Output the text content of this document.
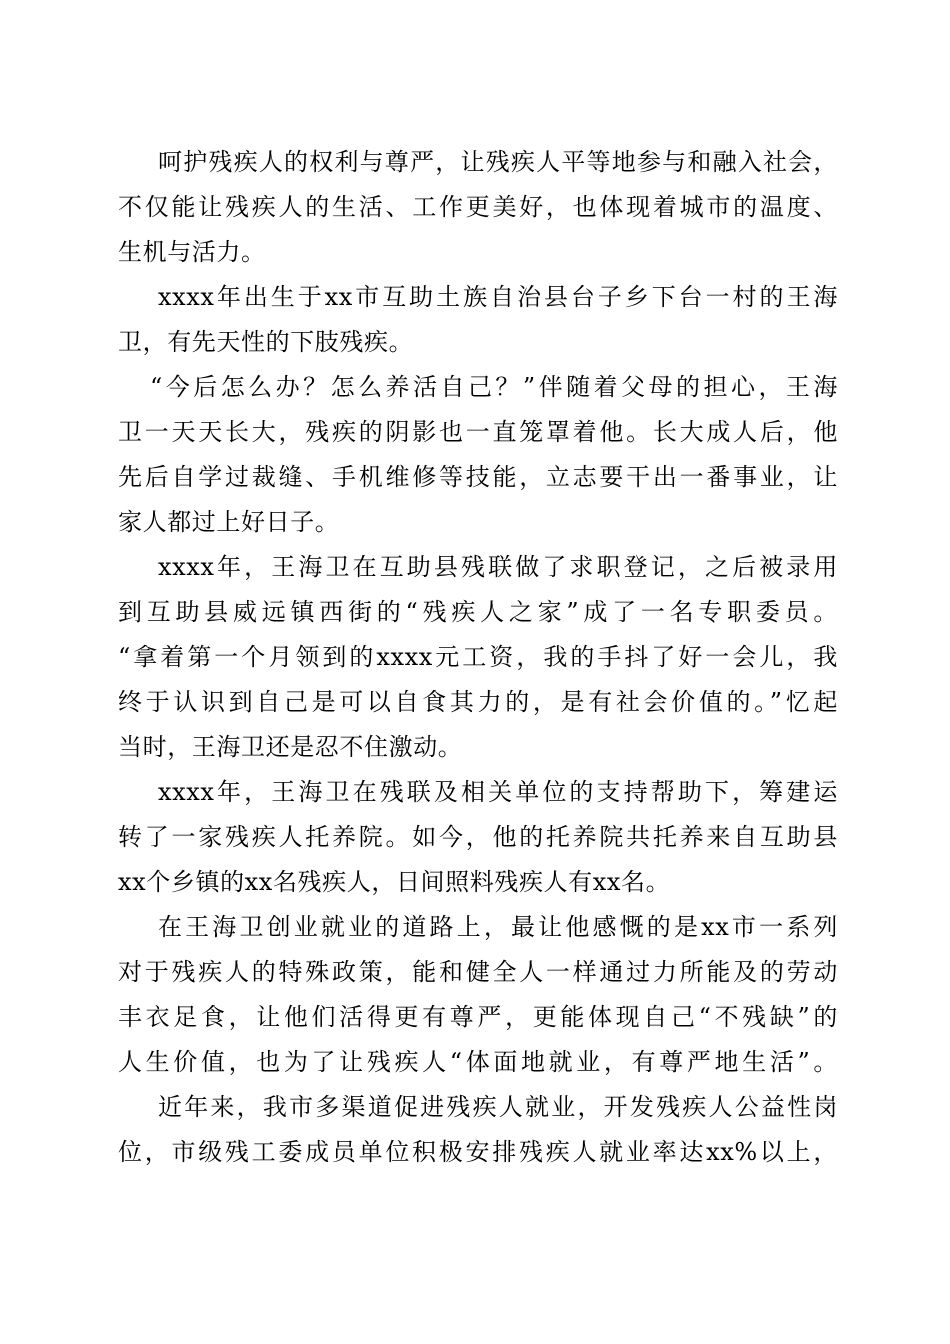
呵护残疾人的权利与尊严，让残疾人平等地参与和融入社会，
不仅能让残疾人的生活、工作更美好，也体现着城市的温度、
生机与活力。
xxxx年出生于xx市互助土族自治县台子乡下台一村的王海
卫，有先天性的下肢残疾。
“今后怎么办？怎么养活自己？”伴随着父母的担心，王海
卫一天天长大，残疾的阴影也一直笼罩着他。长大成人后，他
先后自学过裁缝、手机维修等技能，立志要干出一番事业，让
家人都过上好日子。
xxxx年，王海卫在互助县残联做了求职登记，之后被录用
到互助县威远镇西街的“残疾人之家”成了一名专职委员。
“拿着第一个月领到的xxxx元工资，我的手抖了好一会儿，我
终于认识到自己是可以自食其力的，是有社会价值的。”忆起
当时，王海卫还是忍不住激动。
xxxx年，王海卫在残联及相关单位的支持帮助下，筹建运
转了一家残疾人托养院。如今，他的托养院共托养来自互助县
xx个乡镇的xx名残疾人，日间照料残疾人有xx名。
在王海卫创业就业的道路上，最让他感慨的是xx市一系列
对于残疾人的特殊政策，能和健全人一样通过力所能及的劳动
丰衣足食，让他们活得更有尊严，更能体现自己“不残缺”的
人生价值，也为了让残疾人“体面地就业，有尊严地生活”。
近年来，我市多渠道促进残疾人就业，开发残疾人公益性岗
位，市级残工委成员单位积极安排残疾人就业率达xx%以上，
